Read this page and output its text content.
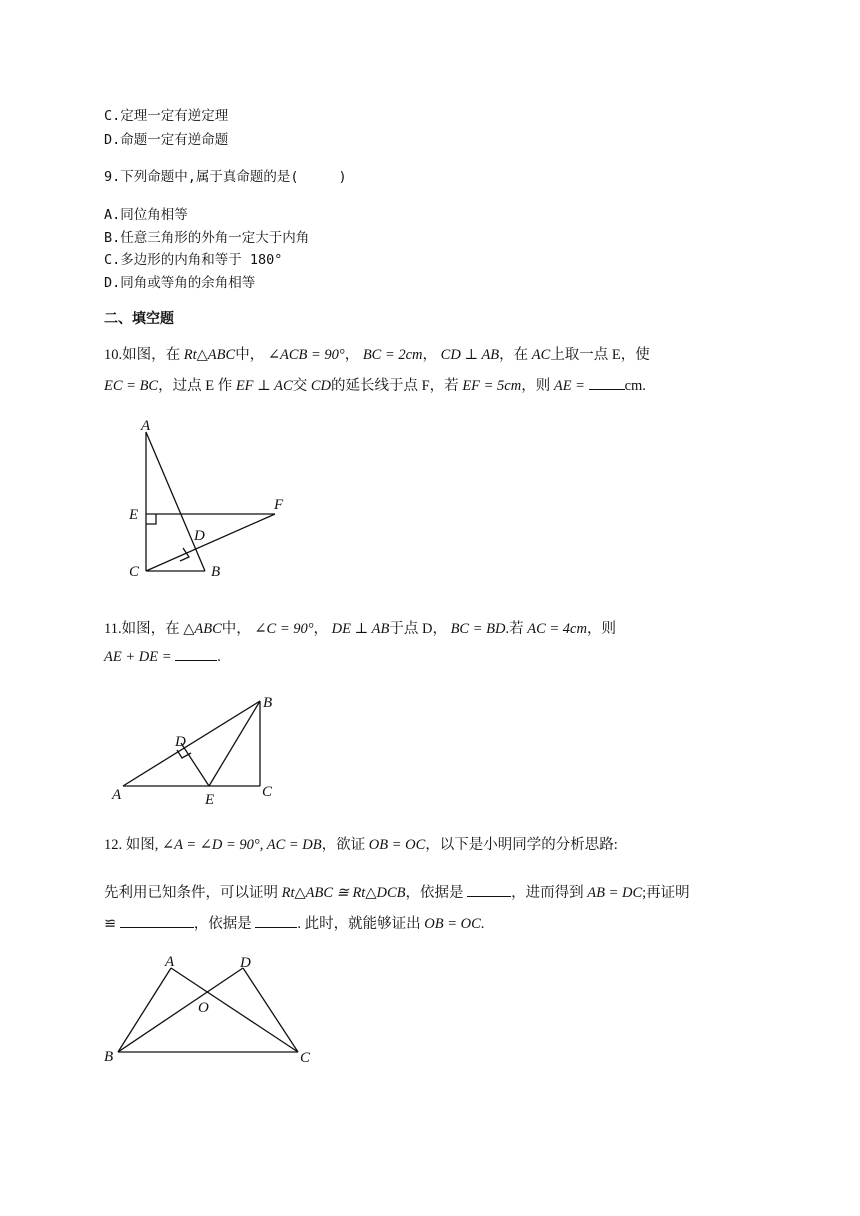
C.定理一定有逆定理
D.命题一定有逆命题
9.下列命题中,属于真命题的是(	)
A.同位角相等
B.任意三角形的外角一定大于内角
C.多边形的内角和等于 180°
D.同角或等角的余角相等
二、填空题
10.如图，在 Rt△ABC中， ∠ACB = 90°， BC = 2cm， CD ⊥ AB，在 AC上取一点 E，使
EC = BC，过点 E 作 EF ⊥ AC交 CD的延长线于点 F，若 EF = 5cm，则 AE =	cm.
A
E
F
D
C	B
11.如图，在 △ABC中， ∠C = 90°， DE ⊥ AB于点 D， BC = BD.若 AC = 4cm，则
AE + DE =	.
A
B
C
D
E
12. 如图, ∠A = ∠D = 90°, AC = DB，欲证 OB = OC，以下是小明同学的分析思路:
先利用已知条件，可以证明 Rt△ABC ≅ Rt△DCB，依据是	，进而得到 AB = DC;再证明
≌	，依据是	. 此时，就能够证出 OB = OC.
A	D
O
B	C
